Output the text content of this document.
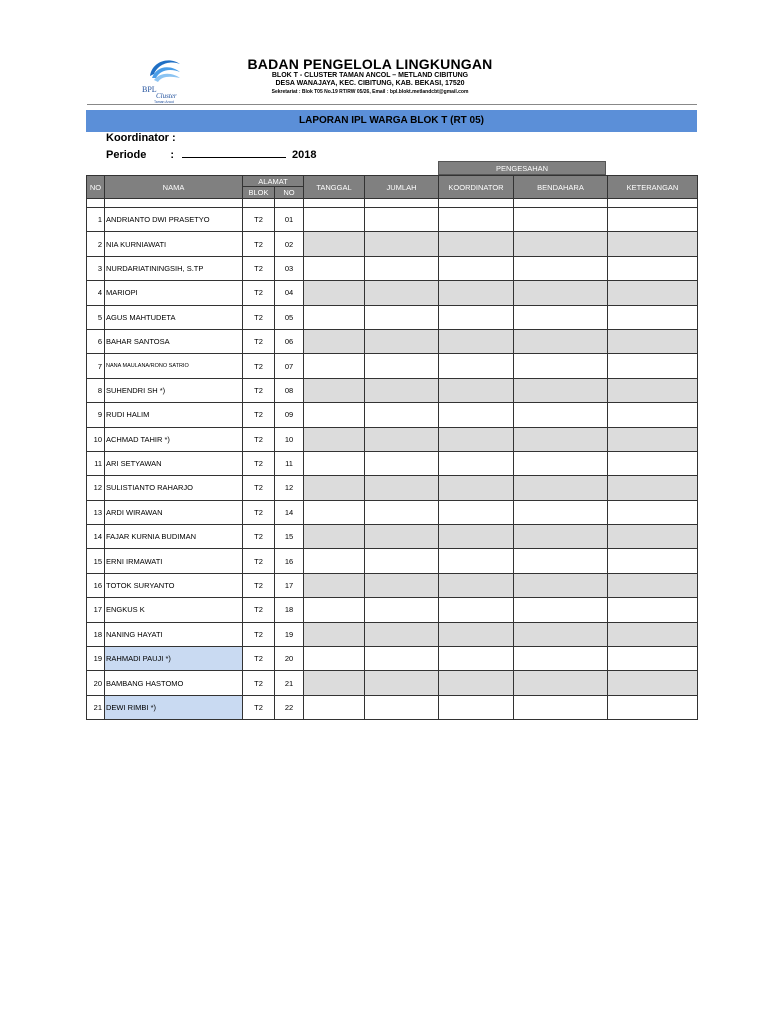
BPL
Cluster
Taman Ancol
BADAN PENGELOLA LINGKUNGAN
BLOK T - CLUSTER TAMAN ANCOL – METLAND CIBITUNG
DESA WANAJAYA, KEC. CIBITUNG, KAB. BEKASI, 17520
Sekretariat : Blok T05 No.19 RT/RW 05/26, Email : bpl.blokt.metlandcbt@gmail.com
LAPORAN IPL WARGA BLOK T (RT 05)
Koordinator :
Periode :	2018
PENGESAHAN
NO	NAMA	ALAMAT		TANGGAL	JUMLAH	KOORDINATOR	BENDAHARA	KETERANGAN
		BLOK	NO					

1	ANDRIANTO DWI PRASETYO	T2	01					
2	NIA KURNIAWATI	T2	02					
3	NURDARIATININGSIH, S.TP	T2	03					
4	MARIOPI	T2	04					
5	AGUS MAHTUDETA	T2	05					
6	BAHAR SANTOSA	T2	06					
7	NANA MAULANA/RONO SATRIO	T2	07					
8	SUHENDRI SH *)	T2	08					
9	RUDI HALIM	T2	09					
10	ACHMAD TAHIR *)	T2	10					
11	ARI SETYAWAN	T2	11					
12	SULISTIANTO RAHARJO	T2	12					
13	ARDI WIRAWAN	T2	14					
14	FAJAR KURNIA BUDIMAN	T2	15					
15	ERNI IRMAWATI	T2	16					
16	TOTOK SURYANTO	T2	17					
17	ENGKUS K	T2	18					
18	NANING HAYATI	T2	19					
19	RAHMADI PAUJI *)	T2	20					
20	BAMBANG HASTOMO	T2	21					
21	DEWI RIMBI *)	T2	22					
